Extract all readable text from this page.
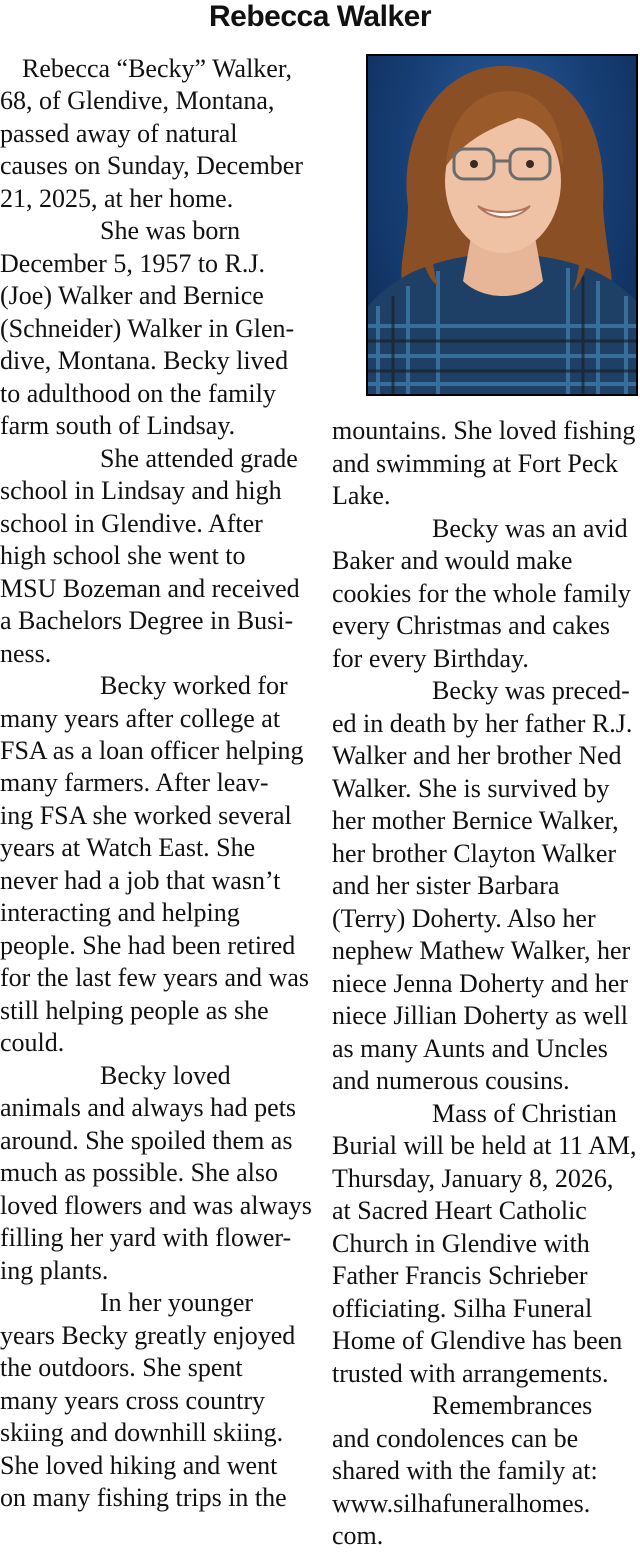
Rebecca Walker
Rebecca “Becky” Walker,
68, of Glendive, Montana,
passed away of natural
causes on Sunday, December
21, 2025, at her home.
She was born
December 5, 1957 to R.J.
(Joe) Walker and Bernice
(Schneider) Walker in Glen-
dive, Montana. Becky lived
to adulthood on the family
farm south of Lindsay.
She attended grade
school in Lindsay and high
school in Glendive. After
high school she went to
MSU Bozeman and received
a Bachelors Degree in Busi-
ness.
Becky worked for
many years after college at
FSA as a loan officer helping
many farmers. After leav-
ing FSA she worked several
years at Watch East. She
never had a job that wasn’t
interacting and helping
people. She had been retired
for the last few years and was
still helping people as she
could.
Becky loved
animals and always had pets
around. She spoiled them as
much as possible. She also
loved flowers and was always
filling her yard with flower-
ing plants.
In her younger
years Becky greatly enjoyed
the outdoors. She spent
many years cross country
skiing and downhill skiing.
She loved hiking and went
on many fishing trips in the
mountains. She loved fishing
and swimming at Fort Peck
Lake.
Becky was an avid
Baker and would make
cookies for the whole family
every Christmas and cakes
for every Birthday.
Becky was preced-
ed in death by her father R.J.
Walker and her brother Ned
Walker. She is survived by
her mother Bernice Walker,
her brother Clayton Walker
and her sister Barbara
(Terry) Doherty. Also her
nephew Mathew Walker, her
niece Jenna Doherty and her
niece Jillian Doherty as well
as many Aunts and Uncles
and numerous cousins.
Mass of Christian
Burial will be held at 11 AM,
Thursday, January 8, 2026,
at Sacred Heart Catholic
Church in Glendive with
Father Francis Schrieber
officiating. Silha Funeral
Home of Glendive has been
trusted with arrangements.
Remembrances
and condolences can be
shared with the family at:
www.silhafuneralhomes.
com.
